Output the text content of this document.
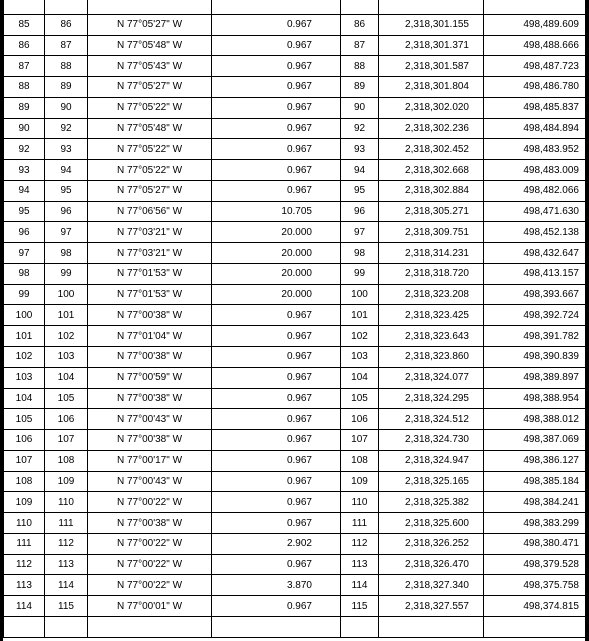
85	86	N 77°05'27" W	0.967	86	2,318,301.155	498,489.609
86	87	N 77°05'48" W	0.967	87	2,318,301.371	498,488.666
87	88	N 77°05'43" W	0.967	88	2,318,301.587	498,487.723
88	89	N 77°05'27" W	0.967	89	2,318,301.804	498,486.780
89	90	N 77°05'22" W	0.967	90	2,318,302.020	498,485.837
90	92	N 77°05'48" W	0.967	92	2,318,302.236	498,484.894
92	93	N 77°05'22" W	0.967	93	2,318,302.452	498,483.952
93	94	N 77°05'22" W	0.967	94	2,318,302.668	498,483.009
94	95	N 77°05'27" W	0.967	95	2,318,302.884	498,482.066
95	96	N 77°06'56" W	10.705	96	2,318,305.271	498,471.630
96	97	N 77°03'21" W	20.000	97	2,318,309.751	498,452.138
97	98	N 77°03'21" W	20.000	98	2,318,314.231	498,432.647
98	99	N 77°01'53" W	20.000	99	2,318,318.720	498,413.157
99	100	N 77°01'53" W	20.000	100	2,318,323.208	498,393.667
100	101	N 77°00'38" W	0.967	101	2,318,323.425	498,392.724
101	102	N 77°01'04" W	0.967	102	2,318,323.643	498,391.782
102	103	N 77°00'38" W	0.967	103	2,318,323.860	498,390.839
103	104	N 77°00'59" W	0.967	104	2,318,324.077	498,389.897
104	105	N 77°00'38" W	0.967	105	2,318,324.295	498,388.954
105	106	N 77°00'43" W	0.967	106	2,318,324.512	498,388.012
106	107	N 77°00'38" W	0.967	107	2,318,324.730	498,387.069
107	108	N 77°00'17" W	0.967	108	2,318,324.947	498,386.127
108	109	N 77°00'43" W	0.967	109	2,318,325.165	498,385.184
109	110	N 77°00'22" W	0.967	110	2,318,325.382	498,384.241
110	111	N 77°00'38" W	0.967	111	2,318,325.600	498,383.299
111	112	N 77°00'22" W	2.902	112	2,318,326.252	498,380.471
112	113	N 77°00'22" W	0.967	113	2,318,326.470	498,379.528
113	114	N 77°00'22" W	3.870	114	2,318,327.340	498,375.758
114	115	N 77°00'01" W	0.967	115	2,318,327.557	498,374.815
